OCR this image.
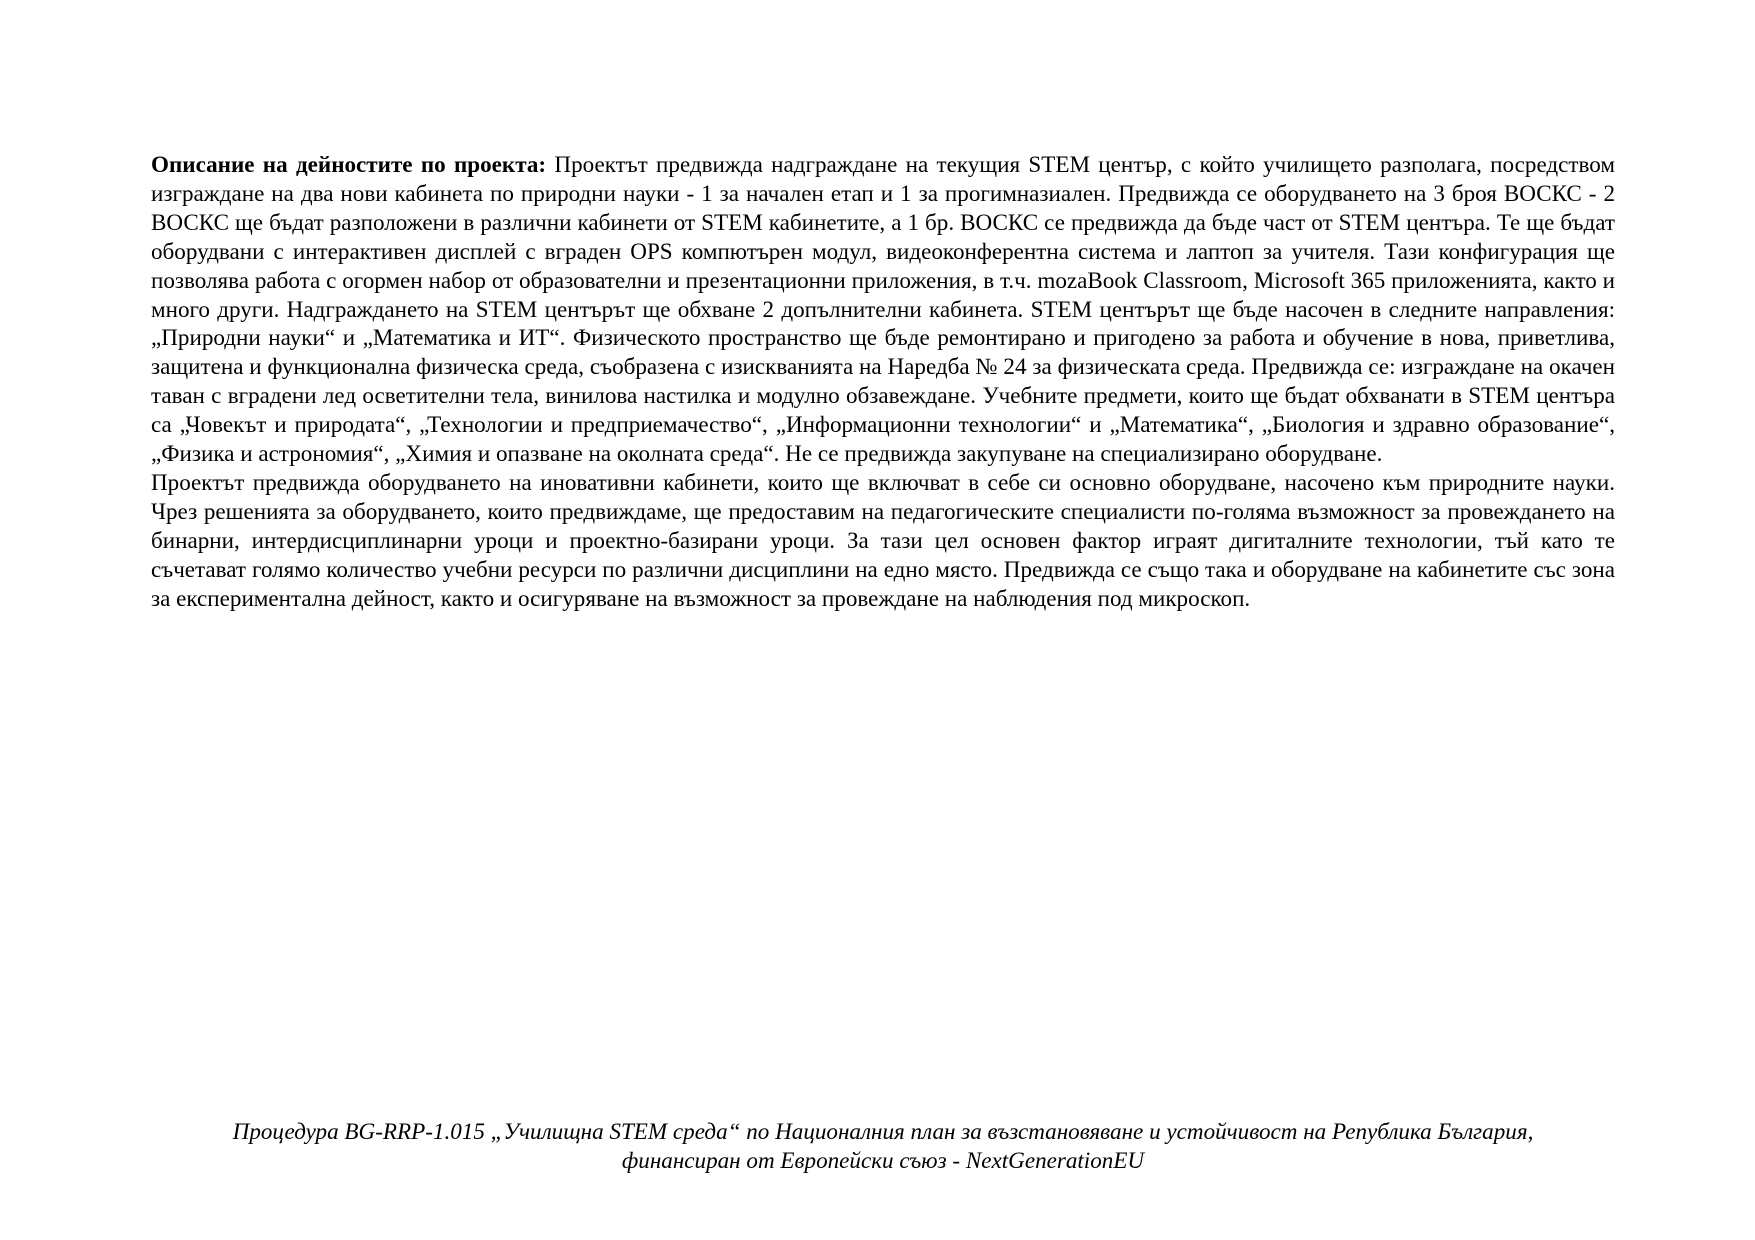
Описание на дейностите по проекта: Проектът предвижда надграждане на текущия STEM център, с който училището разполага, посредством изграждане на два нови кабинета по природни науки - 1 за начален етап и 1 за прогимназиален. Предвижда се оборудването на 3 броя ВОСКС - 2 ВОСКС ще бъдат разположени в различни кабинети от STEM кабинетите, а 1 бр. ВОСКС се предвижда да бъде част от STEM центъра. Те ще бъдат оборудвани с интерактивен дисплей с вграден OPS компютърен модул, видеоконферентна система и лаптоп за учителя. Тази конфигурация ще позволява работа с огормен набор от образователни и презентационни приложения, в т.ч. mozaBook Classroom, Microsoft 365 приложенията, както и много други. Надграждането на STEM центърът ще обхване 2 допълнителни кабинета. STEM центърът ще бъде насочен в следните направления: „Природни науки“ и „Математика и ИТ“. Физическото пространство ще бъде ремонтирано и пригодено за работа и обучение в нова, приветлива, защитена и функционална физическа среда, съобразена с изискванията на Наредба № 24 за физическата среда. Предвижда се: изграждане на окачен таван с вградени лед осветителни тела, винилова настилка и модулно обзавеждане. Учебните предмети, които ще бъдат обхванати в STEM центъра са „Човекът и природата“, „Технологии и предприемачество“, „Информационни технологии“ и „Математика“, „Биология и здравно образование“, „Физика и астрономия“, „Химия и опазване на околната среда“. Не се предвижда закупуване на специализирано оборудване.

Проектът предвижда оборудването на иновативни кабинети, които ще включват в себе си основно оборудване, насочено към природните науки. Чрез решенията за оборудването, които предвиждаме, ще предоставим на педагогическите специалисти по-голяма възможност за провеждането на бинарни, интердисциплинарни уроци и проектно-базирани уроци. За тази цел основен фактор играят дигиталните технологии, тъй като те съчетават голямо количество учебни ресурси по различни дисциплини на едно място. Предвижда се също така и оборудване на кабинетите със зона за експериментална дейност, както и осигуряване на възможност за провеждане на наблюдения под микроскоп.

Процедура BG-RRP-1.015 „Училищна STEM среда“ по Националния план за възстановяване и устойчивост на Република България,
финансиран от Европейски съюз - NextGenerationEU
